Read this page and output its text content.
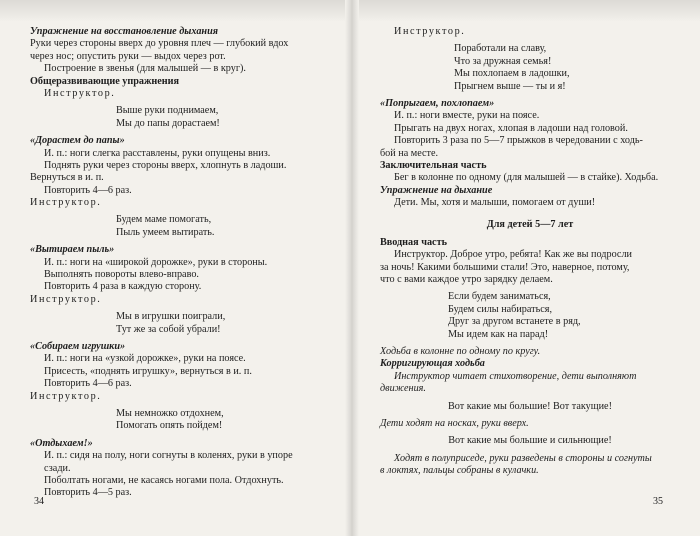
Упражнение на восстановление дыхания
Руки через стороны вверх до уровня плеч — глубокий вдох
через нос; опустить руки — выдох через рот.
Построение в звенья (для малышей — в круг).
Общеразвивающие упражнения
Инструктор.
Выше руки поднимаем,
Мы до папы дорастаем!
«Дорастем до папы»
И. п.: ноги слегка расставлены, руки опущены вниз.
Поднять руки через стороны вверх, хлопнуть в ладоши.
Вернуться в и. п.
Повторить 4—6 раз.
Инструктор.
Будем маме помогать,
Пыль умеем вытирать.
«Вытираем пыль»
И. п.: ноги на «широкой дорожке», руки в стороны.
Выполнять повороты влево-вправо.
Повторить 4 раза в каждую сторону.
Инструктор.
Мы в игрушки поиграли,
Тут же за собой убрали!
«Собираем игрушки»
И. п.: ноги на «узкой дорожке», руки на поясе.
Присесть, «поднять игрушку», вернуться в и. п.
Повторить 4—6 раз.
Инструктор.
Мы немножко отдохнем,
Помогать опять пойдем!
«Отдыхаем!»
И. п.: сидя на полу, ноги согнуты в коленях, руки в упоре
сзади.
Поболтать ногами, не касаясь ногами пола. Отдохнуть.
Повторить 4—5 раз.
34
Инструктор.
Поработали на славу,
Что за дружная семья!
Мы похлопаем в ладошки,
Прыгнем выше — ты и я!
«Попрыгаем, похлопаем»
И. п.: ноги вместе, руки на поясе.
Прыгать на двух ногах, хлопая в ладоши над головой.
Повторить 3 раза по 5—7 прыжков в чередовании с ходь-
бой на месте.
Заключительная часть
Бег в колонне по одному (для малышей — в стайке). Ходьба.
Упражнение на дыхание
Дети. Мы, хотя и малыши, помогаем от души!
Для детей 5—7 лет
Вводная часть
Инструктор. Доброе утро, ребята! Как же вы подросли
за ночь! Какими большими стали! Это, наверное, потому,
что с вами каждое утро зарядку делаем.
Если будем заниматься,
Будем силы набираться,
Друг за другом встанете в ряд,
Мы идем как на парад!
Ходьба в колонне по одному по кругу.
Корригирующая ходьба
Инструктор читает стихотворение, дети выполняют
движения.
Вот какие мы большие! Вот такущие!
Дети ходят на носках, руки вверх.
Вот какие мы большие и сильнющие!
Ходят в полуприседе, руки разведены в стороны и согнуты
в локтях, пальцы собраны в кулачки.
35
